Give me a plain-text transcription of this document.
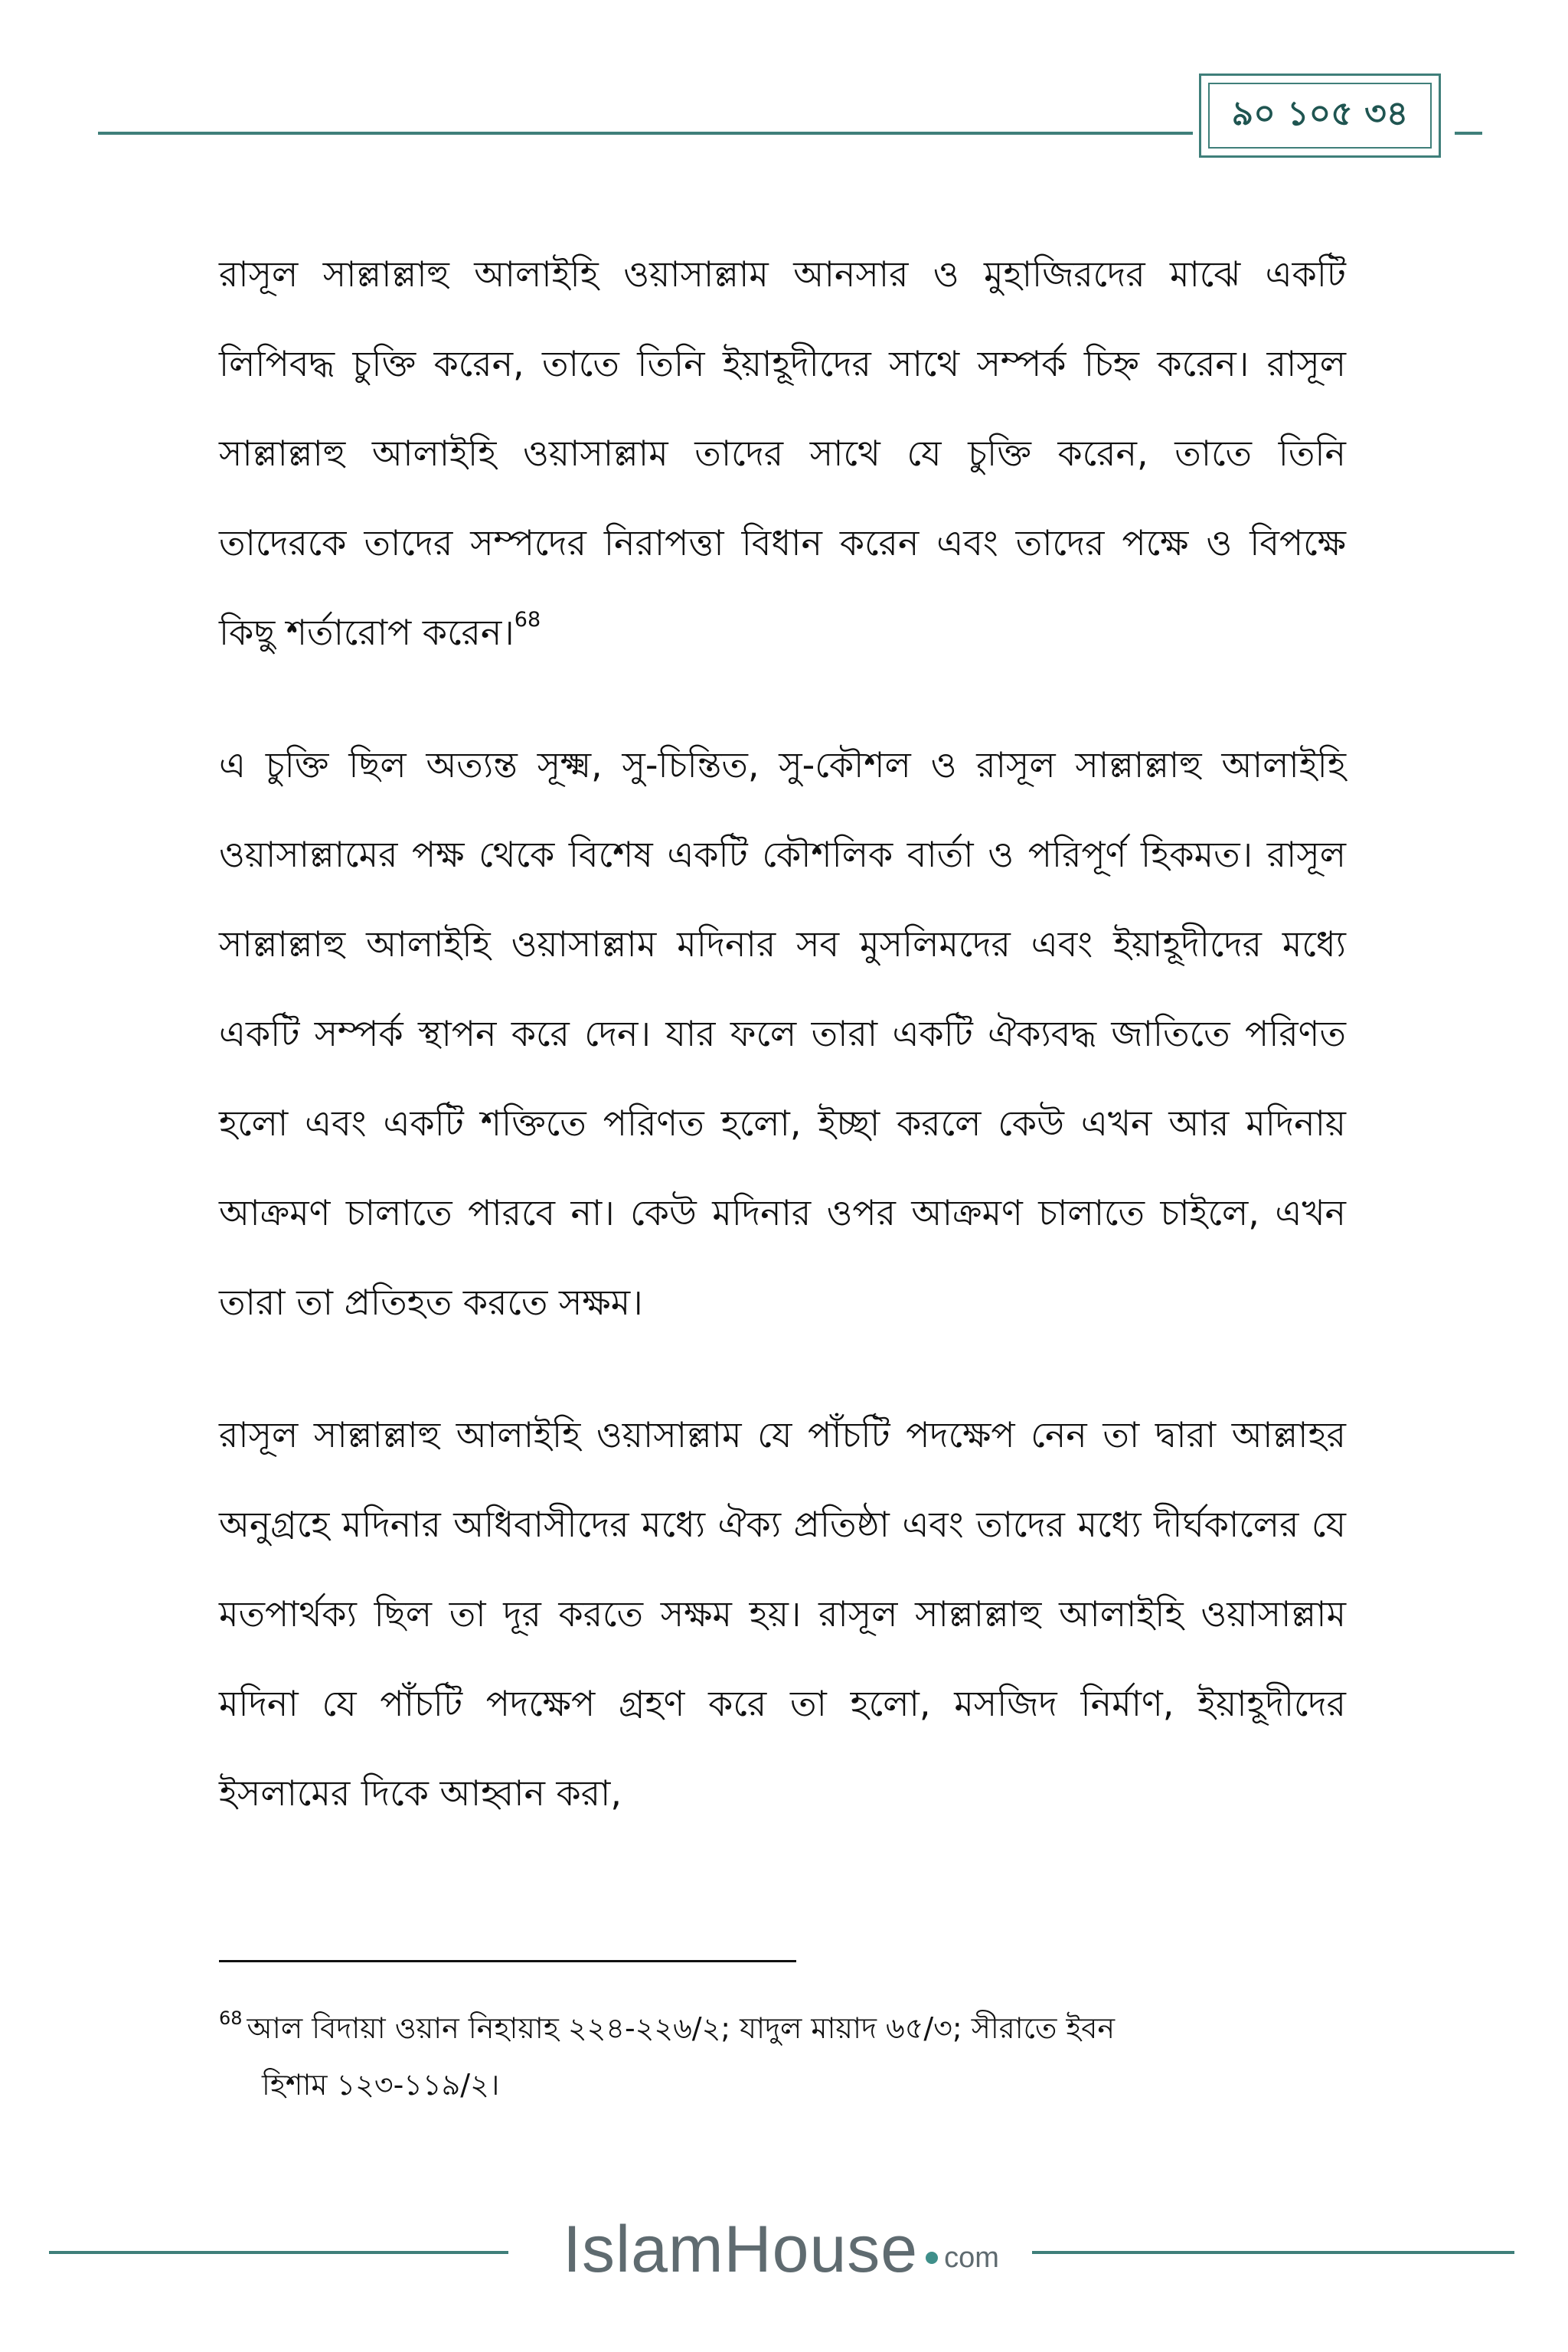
৯০ ১০৫ ৩৪

রাসূল সাল্লাল্লাহু আলাইহি ওয়াসাল্লাম আনসার ও মুহাজিরদের মাঝে একটি লিপিবদ্ধ চুক্তি করেন, তাতে তিনি ইয়াহূদীদের সাথে সম্পর্ক চিহ্ন করেন। রাসূল সাল্লাল্লাহু আলাইহি ওয়াসাল্লাম তাদের সাথে যে চুক্তি করেন, তাতে তিনি তাদেরকে তাদের সম্পদের নিরাপত্তা বিধান করেন এবং তাদের পক্ষে ও বিপক্ষে কিছু শর্তারোপ করেন।$^{68}$

এ চুক্তি ছিল অত্যন্ত সূক্ষ্ম, সু-চিন্তিত, সু-কৌশল ও রাসূল সাল্লাল্লাহু আলাইহি ওয়াসাল্লামের পক্ষ থেকে বিশেষ একটি কৌশলিক বার্তা ও পরিপূর্ণ হিকমত। রাসূল সাল্লাল্লাহু আলাইহি ওয়াসাল্লাম মদিনার সব মুসলিমদের এবং ইয়াহূদীদের মধ্যে একটি সম্পর্ক স্থাপন করে দেন। যার ফলে তারা একটি ঐক্যবদ্ধ জাতিতে পরিণত হলো এবং একটি শক্তিতে পরিণত হলো, ইচ্ছা করলে কেউ এখন আর মদিনায় আক্রমণ চালাতে পারবে না। কেউ মদিনার ওপর আক্রমণ চালাতে চাইলে, এখন তারা তা প্রতিহত করতে সক্ষম।

রাসূল সাল্লাল্লাহু আলাইহি ওয়াসাল্লাম যে পাঁচটি পদক্ষেপ নেন তা দ্বারা আল্লাহর অনুগ্রহে মদিনার অধিবাসীদের মধ্যে ঐক্য প্রতিষ্ঠা এবং তাদের মধ্যে দীর্ঘকালের যে মতপার্থক্য ছিল তা দূর করতে সক্ষম হয়। রাসূল সাল্লাল্লাহু আলাইহি ওয়াসাল্লাম মদিনা যে পাঁচটি পদক্ষেপ গ্রহণ করে তা হলো, মসজিদ নির্মাণ, ইয়াহূদীদের ইসলামের দিকে আহ্বান করা,

$^{68}$ আল বিদায়া ওয়ান নিহায়াহ ২২৪-২২৬/২; যাদুল মায়াদ ৬৫/৩; সীরাতে ইবন
হিশাম ১২৩-১১৯/২।
IslamHouse com
